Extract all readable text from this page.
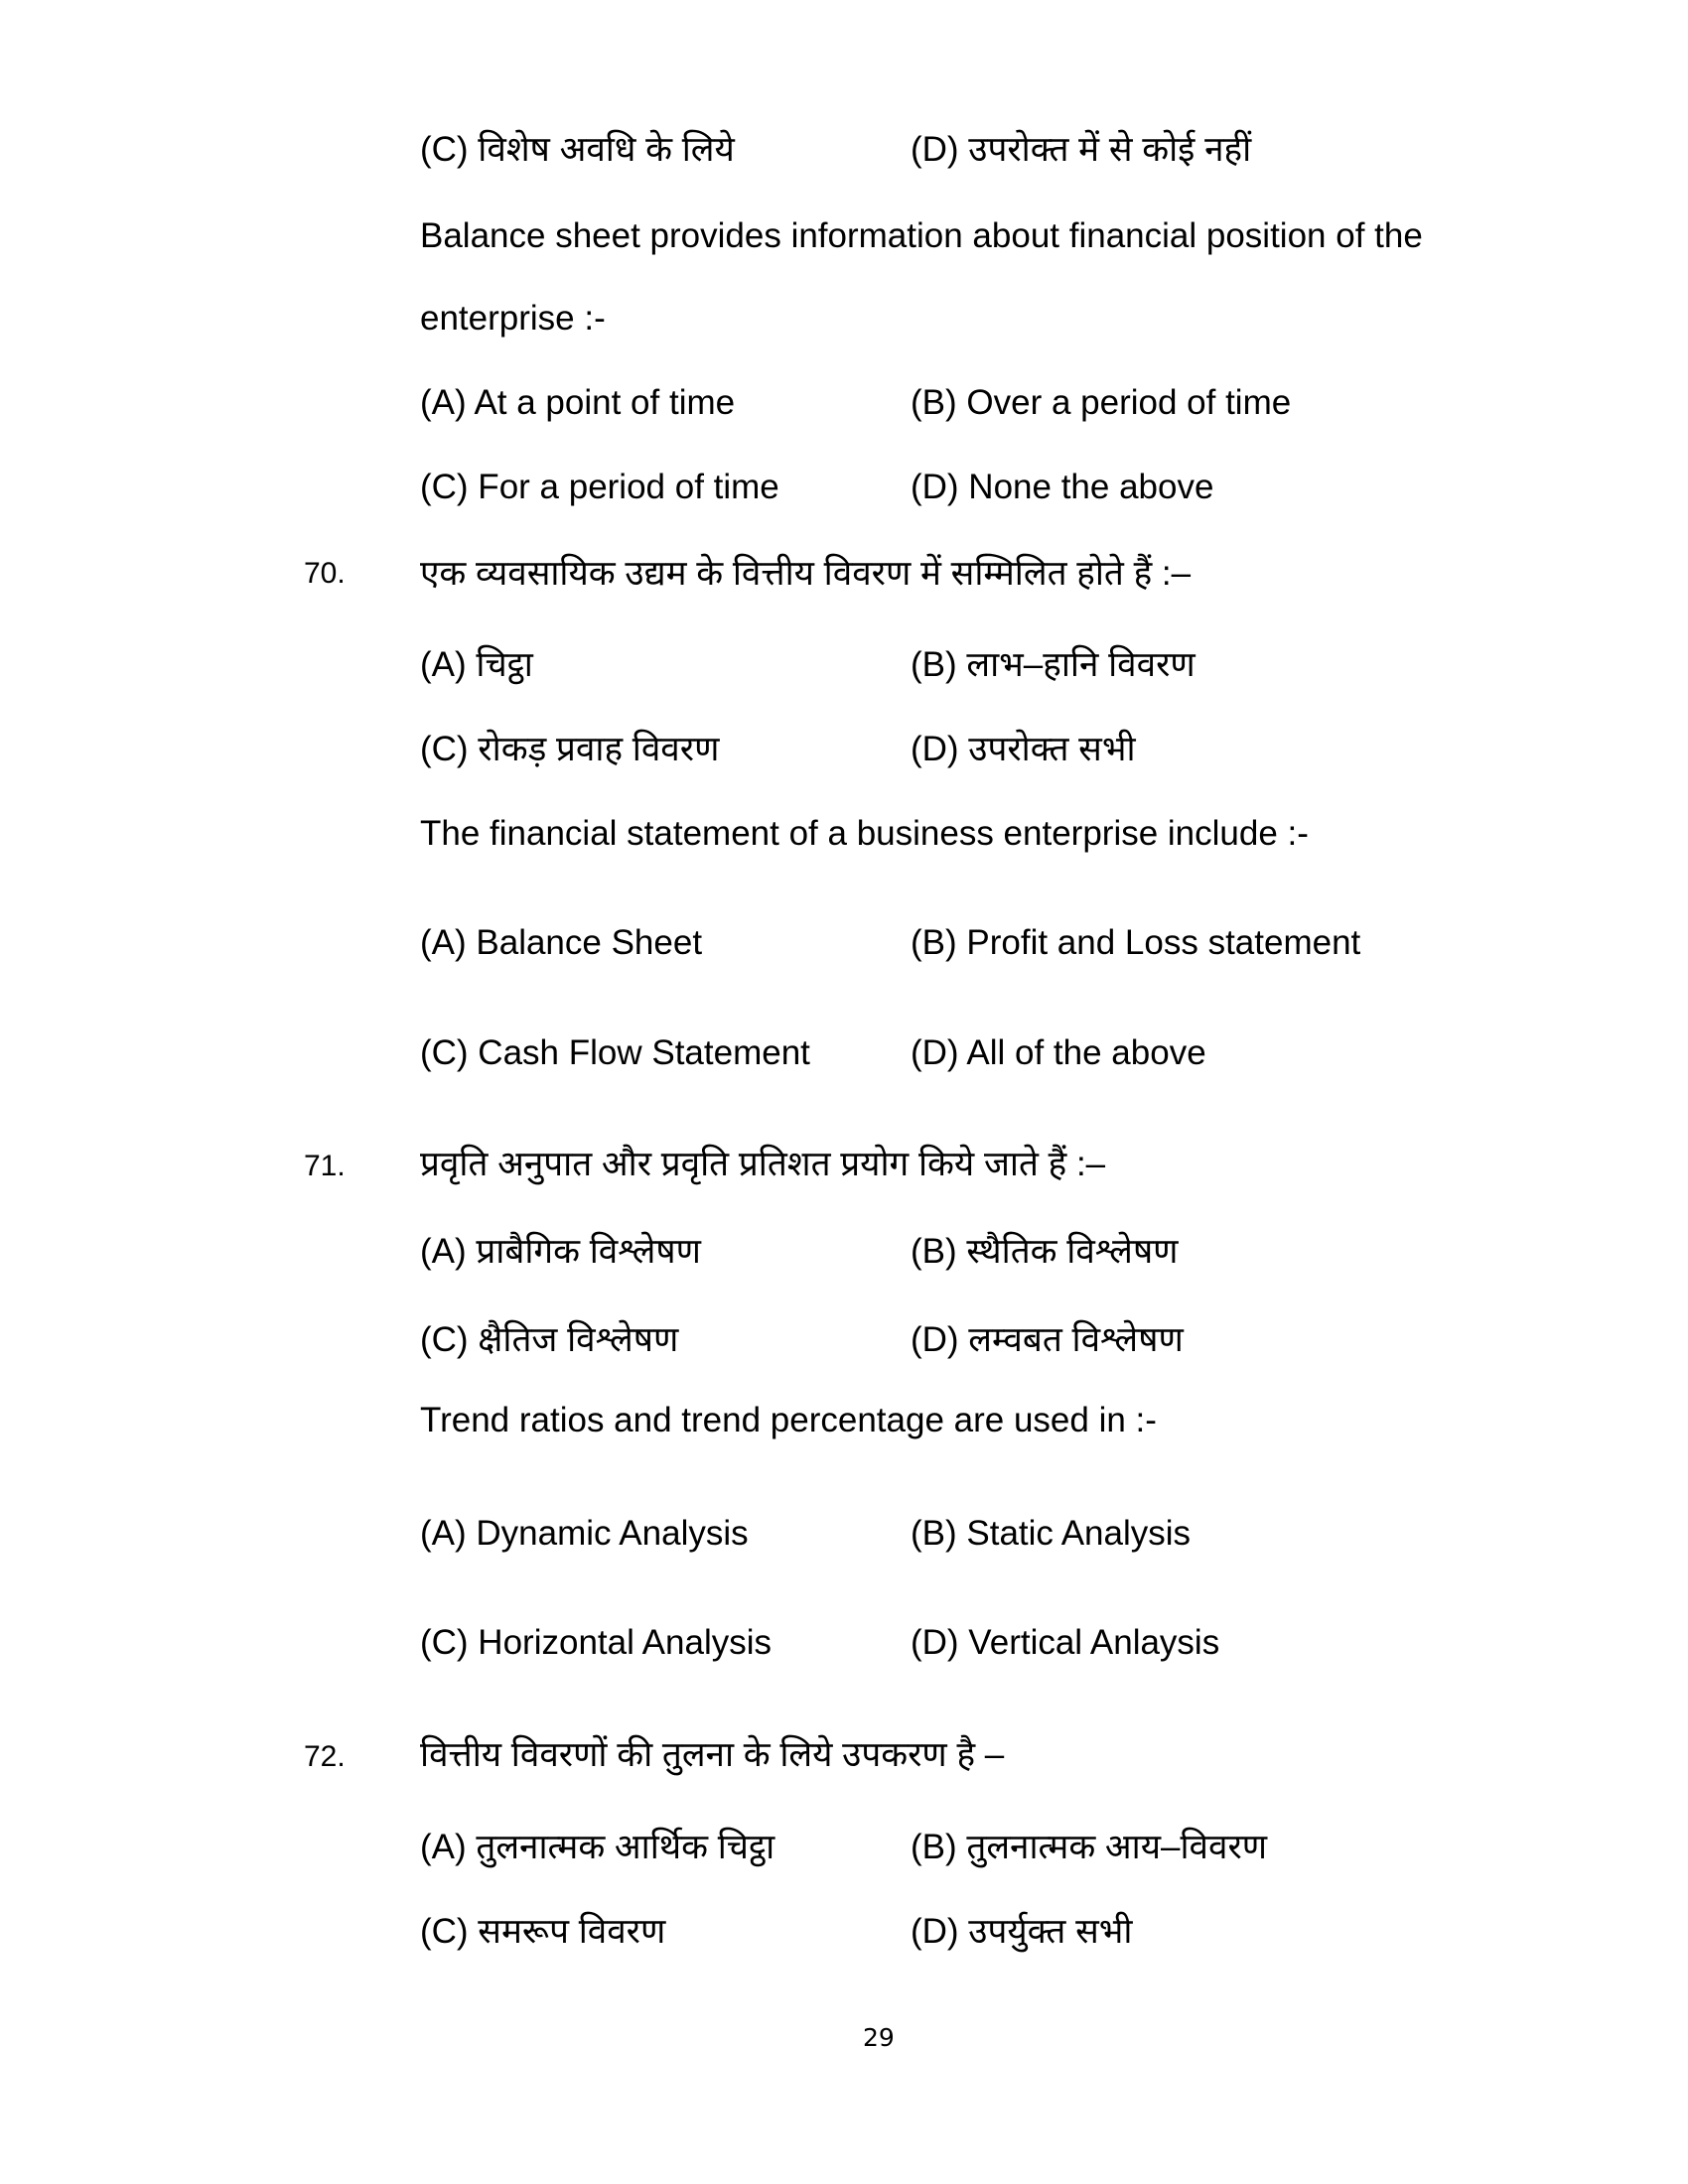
(C) विशेष अवधि के लिये	(D) उपरोक्त में से कोई नहीं
Balance sheet provides information about financial position of the
enterprise :-
(A) At a point of time	(B) Over a period of time
(C) For a period of time	(D) None the above
70. एक व्यवसायिक उद्यम के वित्तीय विवरण में सम्मिलित होते हैं :–
(A) चिट्ठा	(B) लाभ–हानि विवरण
(C) रोकड़ प्रवाह विवरण	(D) उपरोक्त सभी
The financial statement of a business enterprise include :-
(A) Balance Sheet	(B) Profit and Loss statement
(C) Cash Flow Statement	(D) All of the above
71. प्रवृति अनुपात और प्रवृति प्रतिशत प्रयोग किये जाते हैं :–
(A) प्राबैगिक विश्लेषण	(B) स्थैतिक विश्लेषण
(C) क्षैतिज विश्लेषण	(D) लम्वबत विश्लेषण
Trend ratios and trend percentage are used in :-
(A) Dynamic Analysis	(B) Static Analysis
(C) Horizontal Analysis	(D) Vertical Anlaysis
72. वित्तीय विवरणों की तुलना के लिये उपकरण है –
(A) तुलनात्मक आर्थिक चिट्ठा	(B) तुलनात्मक आय–विवरण
(C) समरूप विवरण	(D) उपर्युक्त सभी
29
